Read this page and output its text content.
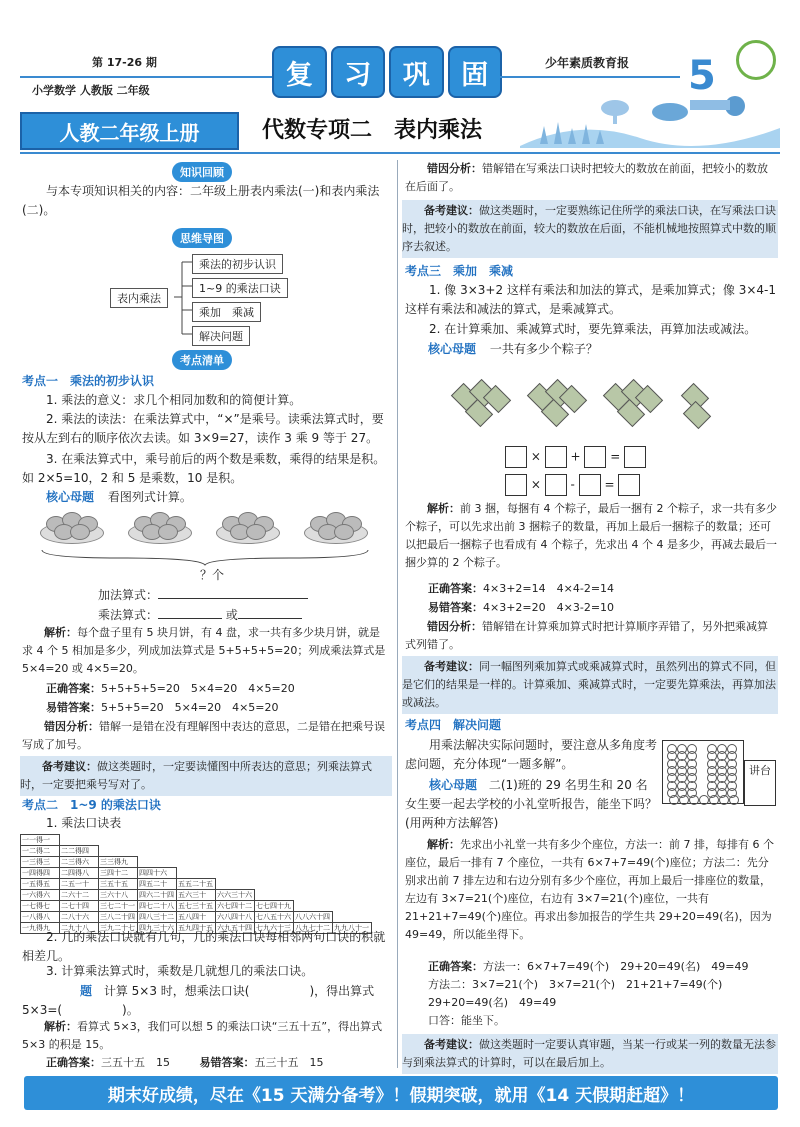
第 17-26 期
小学数学 人教版 二年级	复	习	巩	固	少年素质教育报 5
人教二年级上册	代数专项二　表内乘法
知识回顾
与本专项知识相关的内容：二年级上册表内乘法(一)和表内乘法(二)。
思维导图
表内乘法
乘法的初步认识
1~9 的乘法口诀
乘加　乘减
解决问题
考点清单
考点一　乘法的初步认识
1. 乘法的意义：求几个相同加数和的简便计算。
2. 乘法的读法：在乘法算式中，“×”是乘号。读乘法算式时，要按从左到右的顺序依次去读。如 3×9=27，读作 3 乘 9 等于 27。
3. 在乘法算式中，乘号前后的两个数是乘数，乘得的结果是积。如 2×5=10，2 和 5 是乘数，10 是积。
核心母题 看图列式计算。
？个
加法算式：
乘法算式：	或
解析：每个盘子里有 5 块月饼，有 4 盘，求一共有多少块月饼，就是求 4 个 5 相加是多少，列成加法算式是 5+5+5+5=20；列成乘法算式是 5×4=20 或 4×5=20。
正确答案：5+5+5+5=20　5×4=20　4×5=20
易错答案：5+5+5=20　5×4=20　4×5=20
错因分析：错解一是错在没有理解图中表达的意思，二是错在把乘号误写成了加号。
备考建议：做这类题时，一定要读懂图中所表达的意思；列乘法算式时，一定要把乘号写对了。
考点二　1~9 的乘法口诀
1. 乘法口诀表
一一得一								
一二得二	二二得四							
一三得三	二三得六	三三得九						
一四得四	二四得八	三四十二	四四十六					
一五得五	二五一十	三五十五	四五二十	五五二十五				
一六得六	二六十二	三六十八	四六二十四	五六三十	六六三十六			
一七得七	二七十四	三七二十一	四七二十八	五七三十五	六七四十二	七七四十九		
一八得八	二八十六	三八二十四	四八三十二	五八四十	六八四十八	七八五十六	八八六十四	
一九得九	二九十八	三九二十七	四九三十六	五九四十五	六九五十四	七九六十三	八九七十二	九九八十一
2. 几的乘法口诀就有几句，几的乘法口诀每相邻两句口诀的积就相差几。
3. 计算乘法算式时，乘数是几就想几的乘法口诀。
题 计算 5×3 时，想乘法口诀(　　　　　)，得出算式 5×3=(　　　　　)。
解析：看算式 5×3，我们可以想 5 的乘法口诀“三五十五”，得出算式 5×3 的积是 15。
正确答案：三五十五　15	易错答案：五三十五　15
错因分析：错解错在写乘法口诀时把较大的数放在前面，把较小的数放在后面了。
备考建议：做这类题时，一定要熟练记住所学的乘法口诀，在写乘法口诀时，把较小的数放在前面，较大的数放在后面，不能机械地按照算式中数的顺序去叙述。
考点三　乘加　乘减
1. 像 3×3+2 这样有乘法和加法的算式，是乘加算式；像 3×4-1 这样有乘法和减法的算式，是乘减算式。
2. 在计算乘加、乘减算式时，要先算乘法，再算加法或减法。
核心母题 一共有多少个粽子？
× + =
× - =
解析：前 3 捆，每捆有 4 个粽子，最后一捆有 2 个粽子，求一共有多少个粽子，可以先求出前 3 捆粽子的数量，再加上最后一捆粽子的数量；还可以把最后一捆粽子也看成有 4 个粽子，先求出 4 个 4 是多少，再减去最后一捆少算的 2 个粽子。
正确答案：4×3+2=14　4×4-2=14
易错答案：4×3+2=20　4×3-2=10
错因分析：错解错在计算乘加算式时把计算顺序弄错了，另外把乘减算式列错了。
备考建议：同一幅图列乘加算式或乘减算式时，虽然列出的算式不同，但是它们的结果是一样的。计算乘加、乘减算式时，一定要先算乘法，再算加法或减法。
考点四　解决问题
用乘法解决实际问题时，要注意从多角度考虑问题，充分体现“一题多解”。
核心母题 二(1)班的 29 名男生和 20 名女生要一起去学校的小礼堂听报告，能坐下吗？(用两种方法解答)
讲台
解析：先求出小礼堂一共有多少个座位，方法一：前 7 排，每排有 6 个座位，最后一排有 7 个座位，一共有 6×7+7=49(个)座位；方法二：先分别求出前 7 排左边和右边分别有多少个座位，再加上最后一排座位的数量，左边有 3×7=21(个)座位，右边有 3×7=21(个)座位，一共有 21+21+7=49(个)座位。再求出参加报告的学生共 29+20=49(名)，因为 49=49，所以能坐得下。
正确答案：方法一：6×7+7=49(个)　29+20=49(名)　49=49
方法二：3×7=21(个)　3×7=21(个)　21+21+7=49(个)
29+20=49(名)　49=49
口答：能坐下。
备考建议：做这类题时一定要认真审题，当某一行或某一列的数量无法参与到乘法算式的计算时，可以在最后加上。
期末好成绩，尽在《15 天满分备考》！假期突破，就用《14 天假期赶超》！
